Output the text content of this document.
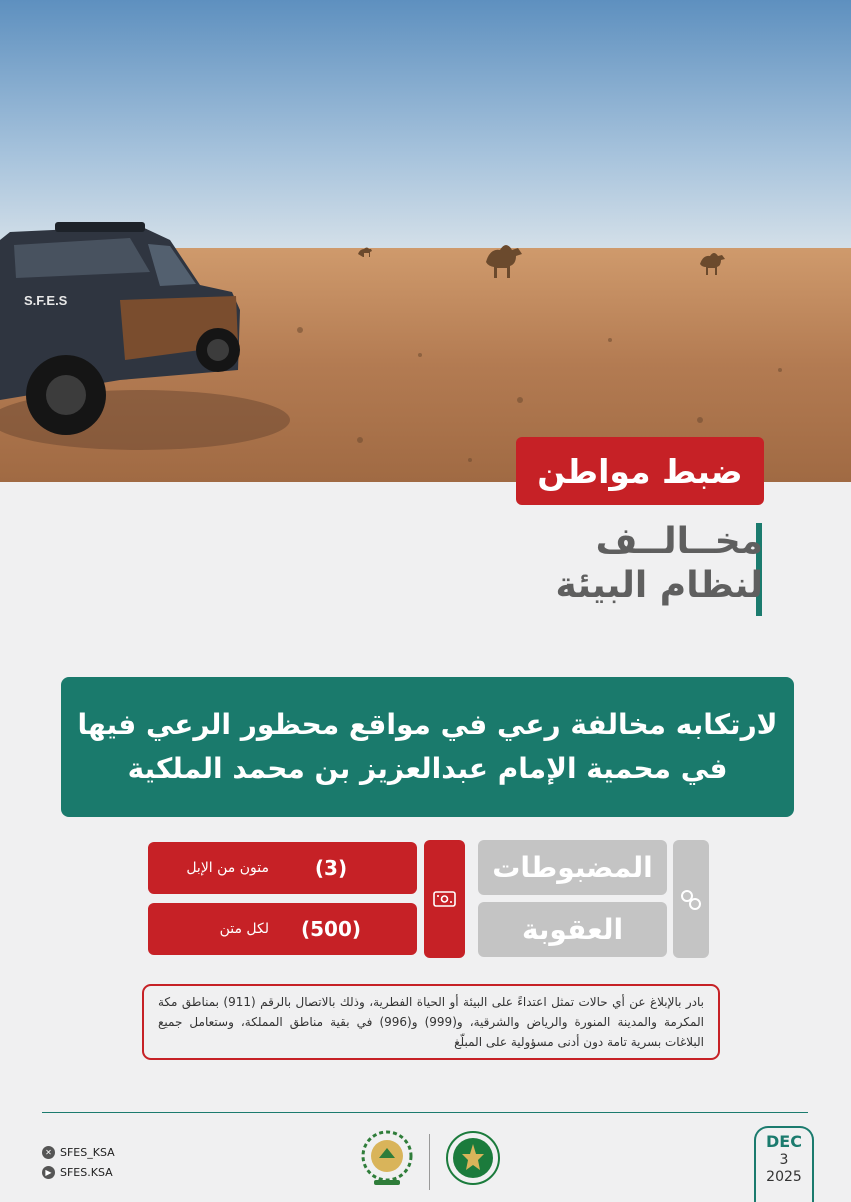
S.F.E.S
ضبط مواطن
مخــالــف
لنظام البيئة
لارتكابه مخالفة رعي في مواقع محظور الرعي فيها
في محمية الإمام عبدالعزيز بن محمد الملكية
المضبوطات
العقوبة
(3)
متون من الإبل
(500)
لكل متن

بادر بالإبلاغ عن أي حالات تمثل اعتداءً على البيئة أو الحياة الفطرية، وذلك بالاتصال بالرقم (911) بمناطق مكة المكرمة والمدينة المنورة والرياض والشرقية، و(999) و(996) في بقية مناطق المملكة، وستعامل جميع البلاغات بسرية تامة دون أدنى مسؤولية على المبلّغ

✕ SFES_KSA
▶ SFES.KSA
DEC
3
2025
